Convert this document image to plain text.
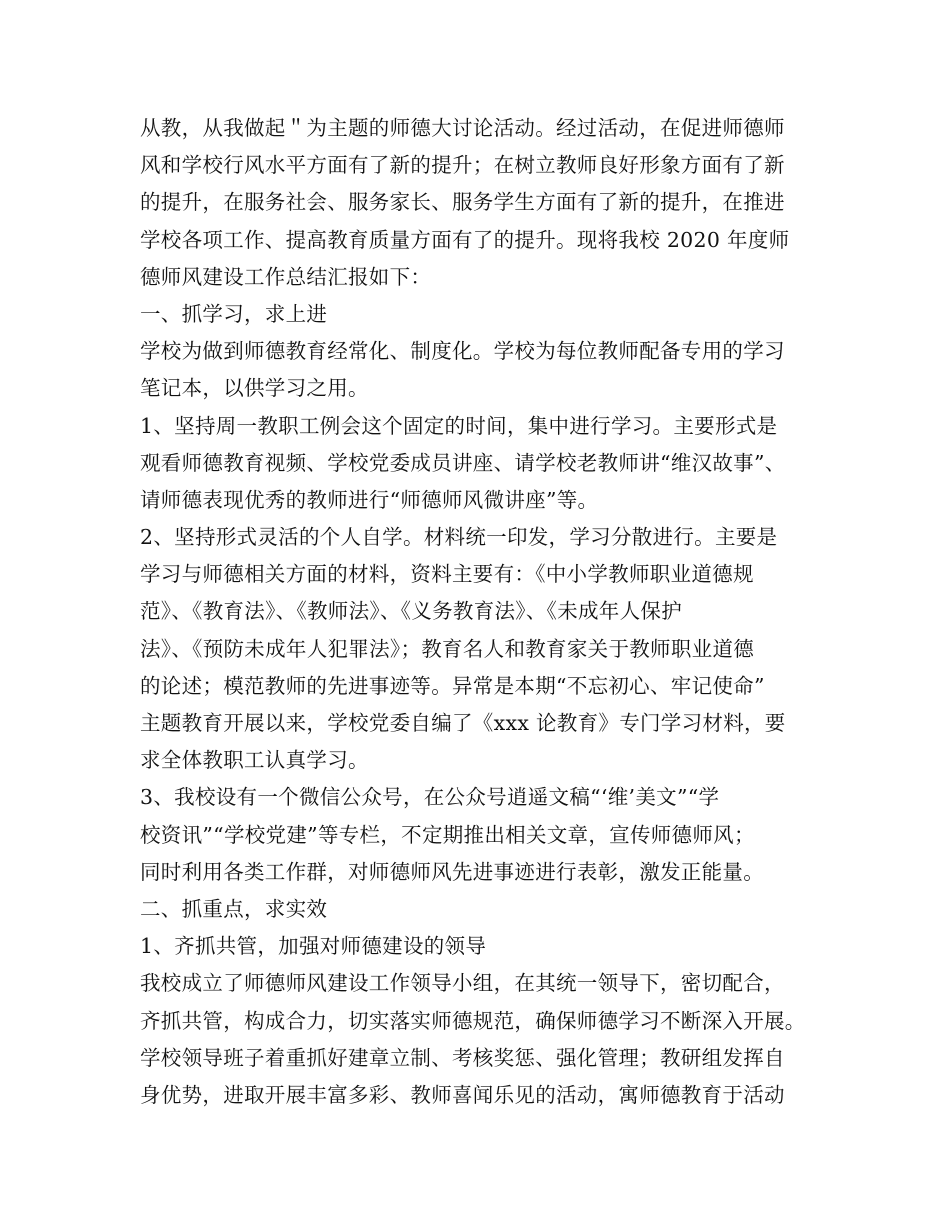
从教，从我做起＂为主题的师德大讨论活动。经过活动，在促进师德师
风和学校行风水平方面有了新的提升；在树立教师良好形象方面有了新
的提升，在服务社会、服务家长、服务学生方面有了新的提升，在推进
学校各项工作、提高教育质量方面有了的提升。现将我校 2020 年度师
德师风建设工作总结汇报如下：
一、抓学习，求上进
学校为做到师德教育经常化、制度化。学校为每位教师配备专用的学习
笔记本，以供学习之用。
1、坚持周一教职工例会这个固定的时间，集中进行学习。主要形式是
观看师德教育视频、学校党委成员讲座、请学校老教师讲“维汉故事”、
请师德表现优秀的教师进行“师德师风微讲座”等。
2、坚持形式灵活的个人自学。材料统一印发，学习分散进行。主要是
学习与师德相关方面的材料，资料主要有：《中小学教师职业道德规
范》、《教育法》、《教师法》、《义务教育法》、《未成年人保护
法》、《预防未成年人犯罪法》；教育名人和教育家关于教师职业道德
的论述；模范教师的先进事迹等。异常是本期“不忘初心、牢记使命”
主题教育开展以来，学校党委自编了《xxx 论教育》专门学习材料，要
求全体教职工认真学习。
3、我校设有一个微信公众号，在公众号逍遥文稿“‘维’美文”“学
校资讯”“学校党建”等专栏，不定期推出相关文章，宣传师德师风；
同时利用各类工作群，对师德师风先进事迹进行表彰，激发正能量。
二、抓重点，求实效
1、齐抓共管，加强对师德建设的领导
我校成立了师德师风建设工作领导小组，在其统一领导下，密切配合，
齐抓共管，构成合力，切实落实师德规范，确保师德学习不断深入开展。
学校领导班子着重抓好建章立制、考核奖惩、强化管理；教研组发挥自
身优势，进取开展丰富多彩、教师喜闻乐见的活动，寓师德教育于活动
